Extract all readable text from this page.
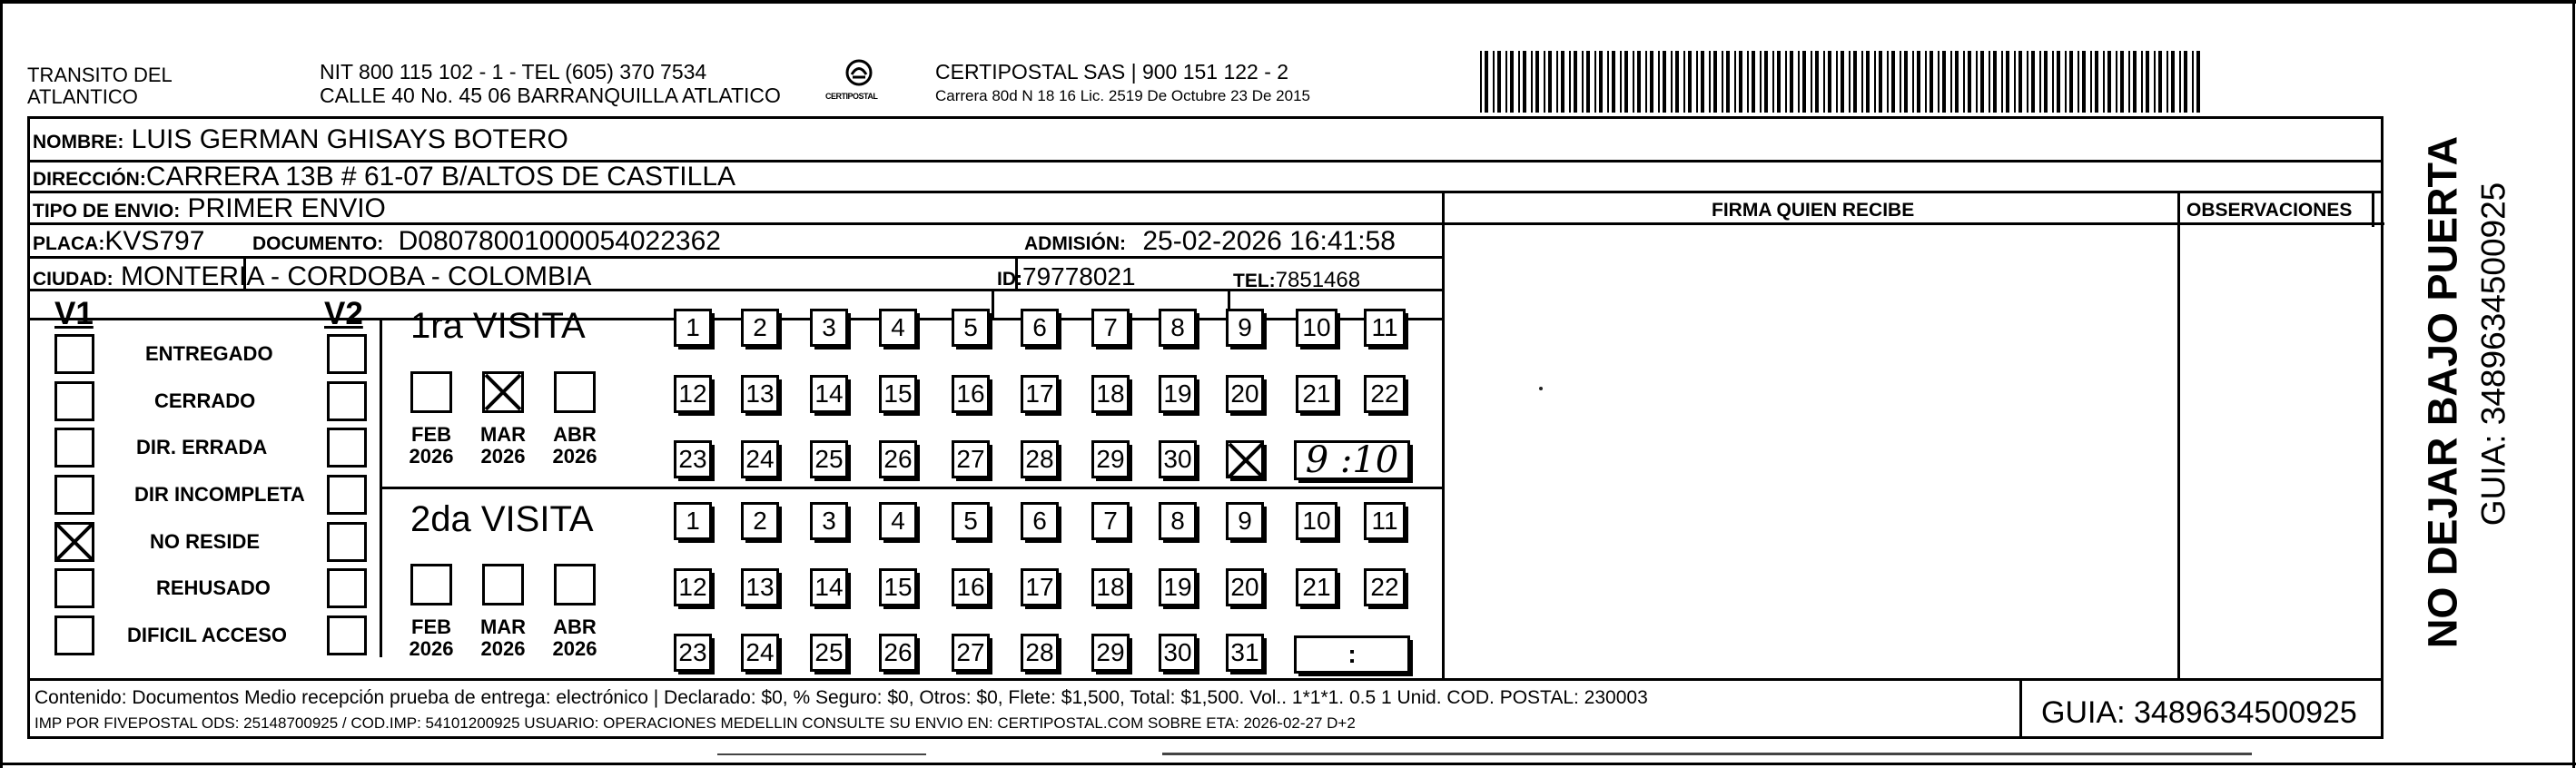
TRANSITO DEL
ATLANTICO
NIT 800 115 102 - 1 - TEL (605) 370 7534
CALLE 40 No. 45 06 BARRANQUILLA ATLATICO	CERTIPOSTAL
CERTIPOSTAL SAS | 900 151 122 - 2
Carrera 80d N 18 16 Lic. 2519 De Octubre 23 De 2015
NOMBRE: LUIS GERMAN GHISAYS BOTERO
DIRECCIÓN:CARRERA 13B # 61-07 B/ALTOS DE CASTILLA
TIPO DE ENVIO: PRIMER ENVIO	FIRMA QUIEN RECIBE	OBSERVACIONES
PLACA:KVS797	DOCUMENTO: D08078001000054022362	ADMISIÓN: 25-02-2026 16:41:58
CIUDAD: MONTERIA - CORDOBA - COLOMBIA	ID:79778021	TEL:7851468
V1	V2
ENTREGADO
CERRADO
DIR. ERRADA
DIR INCOMPLETA
NO RESIDE
REHUSADO
DIFICIL ACCESO
1ra VISITA
FEB
2026
MAR
2026
ABR
2026
1	2	3	4	5	6	7	8	9	10	11
12 13 14 15 16 17 18 19 20 21 22
23 24 25 26 27 28 29 30	9 :10
2da VISITA
FEB
2026
MAR
2026
ABR
2026
1	2	3	4	5	6	7	8	9	10	11
12 13 14 15 16 17 18 19 20 21 22
23 24 25 26 27 28 29 30 31	:
Contenido: Documentos Medio recepción prueba de entrega: electrónico | Declarado: $0, % Seguro: $0, Otros: $0, Flete: $1,500, Total: $1,500. Vol.. 1*1*1. 0.5 1 Unid. COD. POSTAL: 230003
IMP POR FIVEPOSTAL ODS: 25148700925 / COD.IMP: 54101200925 USUARIO: OPERACIONES MEDELLIN CONSULTE SU ENVIO EN: CERTIPOSTAL.COM SOBRE ETA: 2026-02-27 D+2	GUIA: 3489634500925
NO DEJAR BAJO PUERTA GUIA: 3489634500925
